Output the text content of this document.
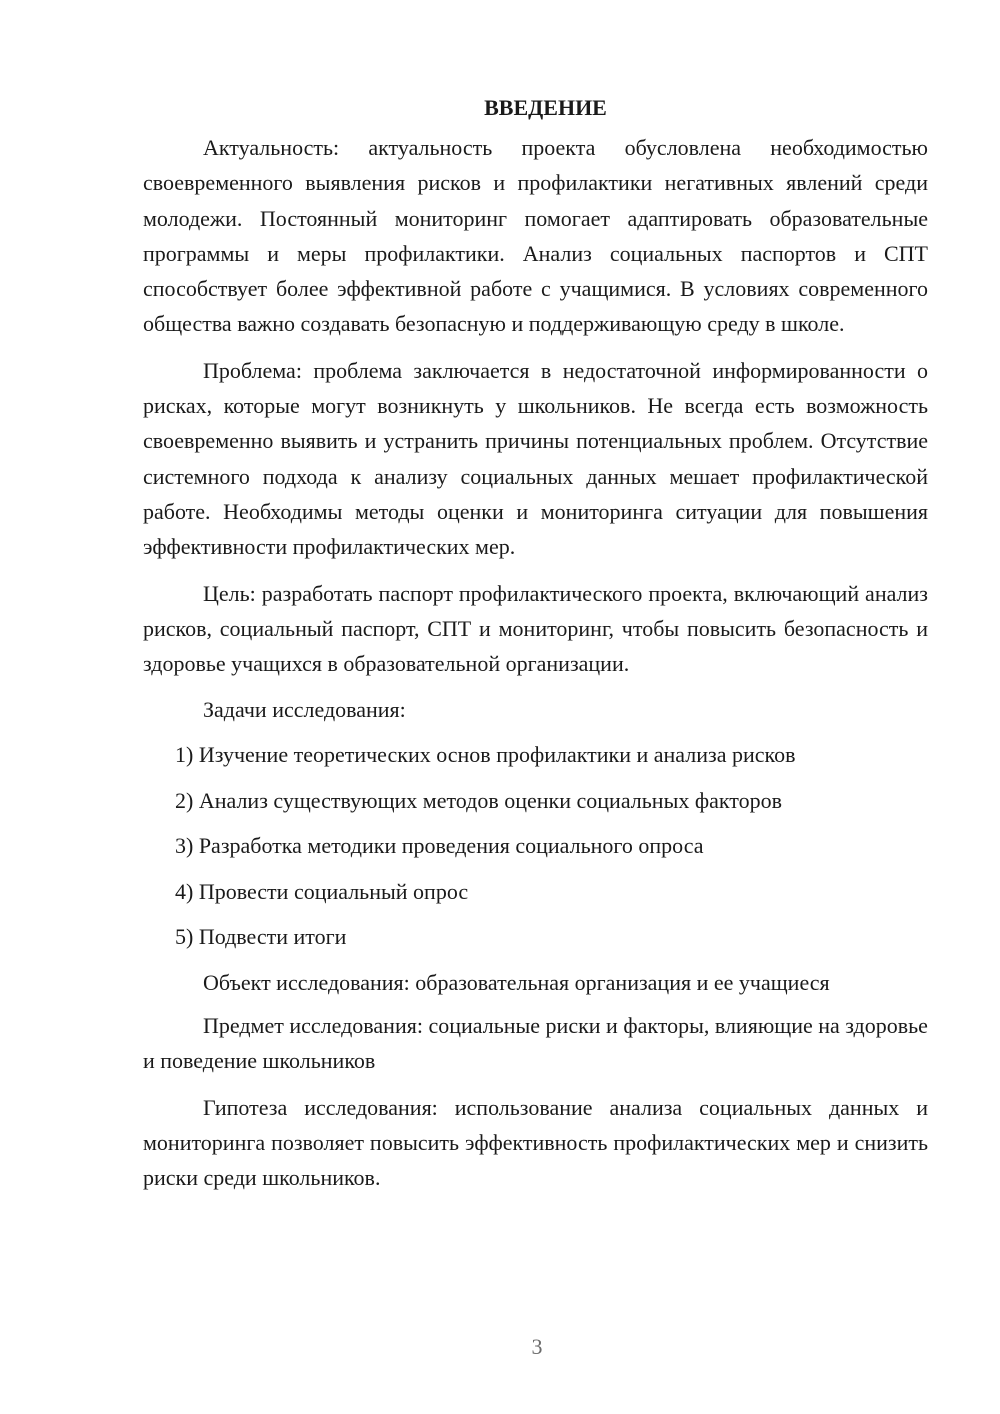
ВВЕДЕНИЕ

Актуальность: актуальность проекта обусловлена необходимостью своевременного выявления рисков и профилактики негативных явлений среди молодежи. Постоянный мониторинг помогает адаптировать образовательные программы и меры профилактики. Анализ социальных паспортов и СПТ способствует более эффективной работе с учащимися. В условиях современного общества важно создавать безопасную и поддерживающую среду в школе.

Проблема: проблема заключается в недостаточной информированности о рисках, которые могут возникнуть у школьников. Не всегда есть возможность своевременно выявить и устранить причины потенциальных проблем. Отсутствие системного подхода к анализу социальных данных мешает профилактической работе. Необходимы методы оценки и мониторинга ситуации для повышения эффективности профилактических мер.

Цель: разработать паспорт профилактического проекта, включающий анализ рисков, социальный паспорт, СПТ и мониторинг, чтобы повысить безопасность и здоровье учащихся в образовательной организации.

Задачи исследования:
1) Изучение теоретических основ профилактики и анализа рисков
2) Анализ существующих методов оценки социальных факторов
3) Разработка методики проведения социального опроса
4) Провести социальный опрос
5) Подвести итоги
Объект исследования: образовательная организация и ее учащиеся

Предмет исследования: социальные риски и факторы, влияющие на здоровье и поведение школьников

Гипотеза исследования: использование анализа социальных данных и мониторинга позволяет повысить эффективность профилактических мер и снизить риски среди школьников.

3
